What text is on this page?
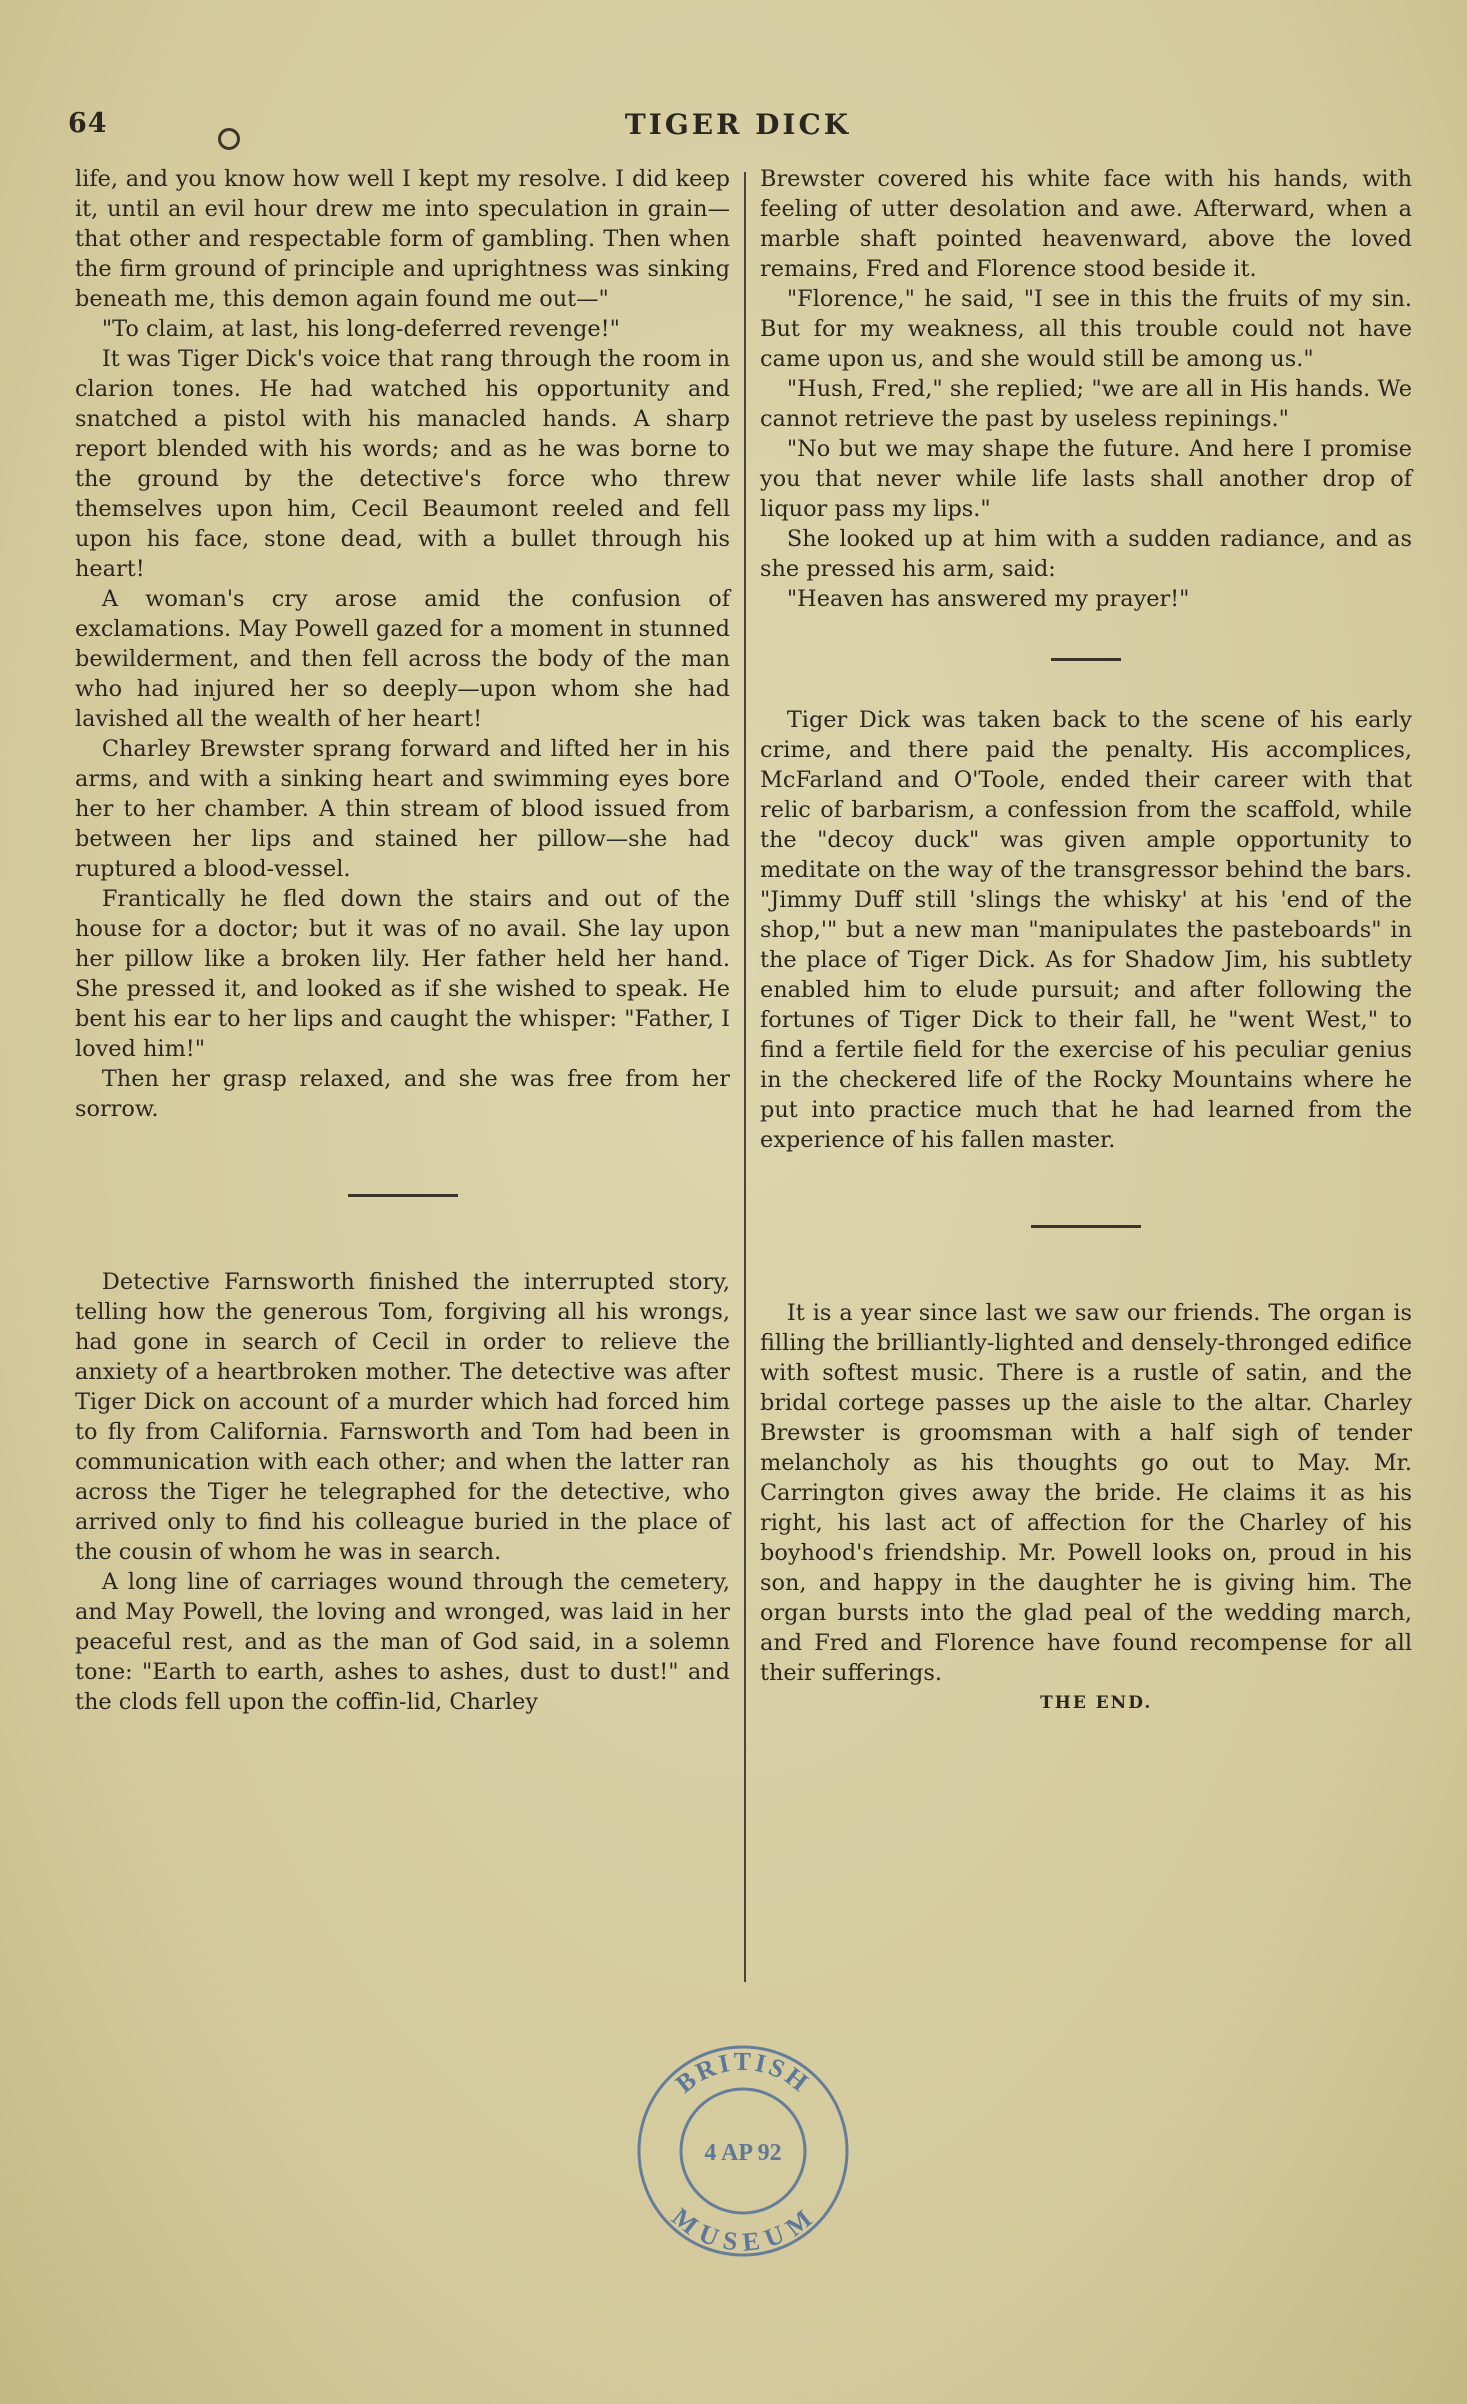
64	TIGER DICK

life, and you know how well I kept my resolve. I did keep it, until an evil hour drew me into speculation in grain—that other and respectable form of gambling. Then when the firm ground of principle and uprightness was sinking beneath me, this demon again found me out—"

"To claim, at last, his long-deferred revenge!"

It was Tiger Dick's voice that rang through the room in clarion tones. He had watched his opportunity and snatched a pistol with his manacled hands. A sharp report blended with his words; and as he was borne to the ground by the detective's force who threw themselves upon him, Cecil Beaumont reeled and fell upon his face, stone dead, with a bullet through his heart!

A woman's cry arose amid the confusion of exclamations. May Powell gazed for a moment in stunned bewilderment, and then fell across the body of the man who had injured her so deeply—upon whom she had lavished all the wealth of her heart!

Charley Brewster sprang forward and lifted her in his arms, and with a sinking heart and swimming eyes bore her to her chamber. A thin stream of blood issued from between her lips and stained her pillow—she had ruptured a blood-vessel.

Frantically he fled down the stairs and out of the house for a doctor; but it was of no avail. She lay upon her pillow like a broken lily. Her father held her hand. She pressed it, and looked as if she wished to speak. He bent his ear to her lips and caught the whisper: "Father, I loved him!"

Then her grasp relaxed, and she was free from her sorrow.

Detective Farnsworth finished the interrupted story, telling how the generous Tom, forgiving all his wrongs, had gone in search of Cecil in order to relieve the anxiety of a heartbroken mother. The detective was after Tiger Dick on account of a murder which had forced him to fly from California. Farnsworth and Tom had been in communication with each other; and when the latter ran across the Tiger he telegraphed for the detective, who arrived only to find his colleague buried in the place of the cousin of whom he was in search.

A long line of carriages wound through the cemetery, and May Powell, the loving and wronged, was laid in her peaceful rest, and as the man of God said, in a solemn tone: "Earth to earth, ashes to ashes, dust to dust!" and the clods fell upon the coffin-lid, Charley

Brewster covered his white face with his hands, with feeling of utter desolation and awe. Afterward, when a marble shaft pointed heavenward, above the loved remains, Fred and Florence stood beside it.

"Florence," he said, "I see in this the fruits of my sin. But for my weakness, all this trouble could not have came upon us, and she would still be among us."

"Hush, Fred," she replied; "we are all in His hands. We cannot retrieve the past by useless repinings."

"No but we may shape the future. And here I promise you that never while life lasts shall another drop of liquor pass my lips."

She looked up at him with a sudden radiance, and as she pressed his arm, said:

"Heaven has answered my prayer!"

Tiger Dick was taken back to the scene of his early crime, and there paid the penalty. His accomplices, McFarland and O'Toole, ended their career with that relic of barbarism, a confession from the scaffold, while the "decoy duck" was given ample opportunity to meditate on the way of the transgressor behind the bars. "Jimmy Duff still 'slings the whisky' at his 'end of the shop,'" but a new man "manipulates the pasteboards" in the place of Tiger Dick. As for Shadow Jim, his subtlety enabled him to elude pursuit; and after following the fortunes of Tiger Dick to their fall, he "went West," to find a fertile field for the exercise of his peculiar genius in the checkered life of the Rocky Mountains where he put into practice much that he had learned from the experience of his fallen master.

It is a year since last we saw our friends. The organ is filling the brilliantly-lighted and densely-thronged edifice with softest music. There is a rustle of satin, and the bridal cortege passes up the aisle to the altar. Charley Brewster is groomsman with a half sigh of tender melancholy as his thoughts go out to May. Mr. Carrington gives away the bride. He claims it as his right, his last act of affection for the Charley of his boyhood's friendship. Mr. Powell looks on, proud in his son, and happy in the daughter he is giving him. The organ bursts into the glad peal of the wedding march, and Fred and Florence have found recompense for all their sufferings.

THE END.

BRITISH
MUSEUM
4 AP 92
